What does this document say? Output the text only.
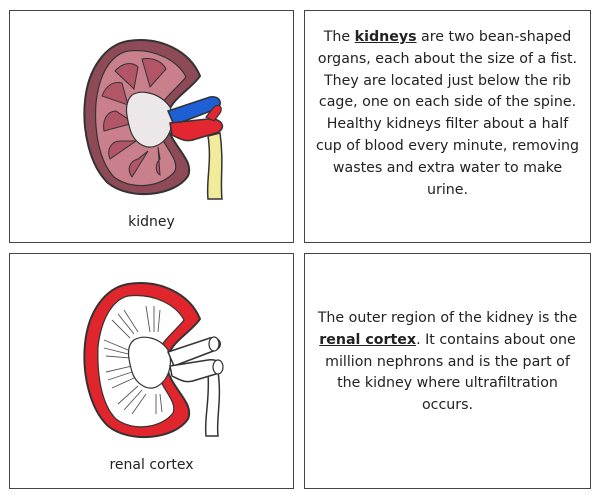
kidney
The kidneys are two bean-shaped organs, each about the size of a fist. They are located just below the rib cage, one on each side of the spine. Healthy kidneys filter about a half cup of blood every minute, removing wastes and extra water to make urine.
renal cortex
The outer region of the kidney is the renal cortex. It contains about one million nephrons and is the part of the kidney where ultrafiltration occurs.
